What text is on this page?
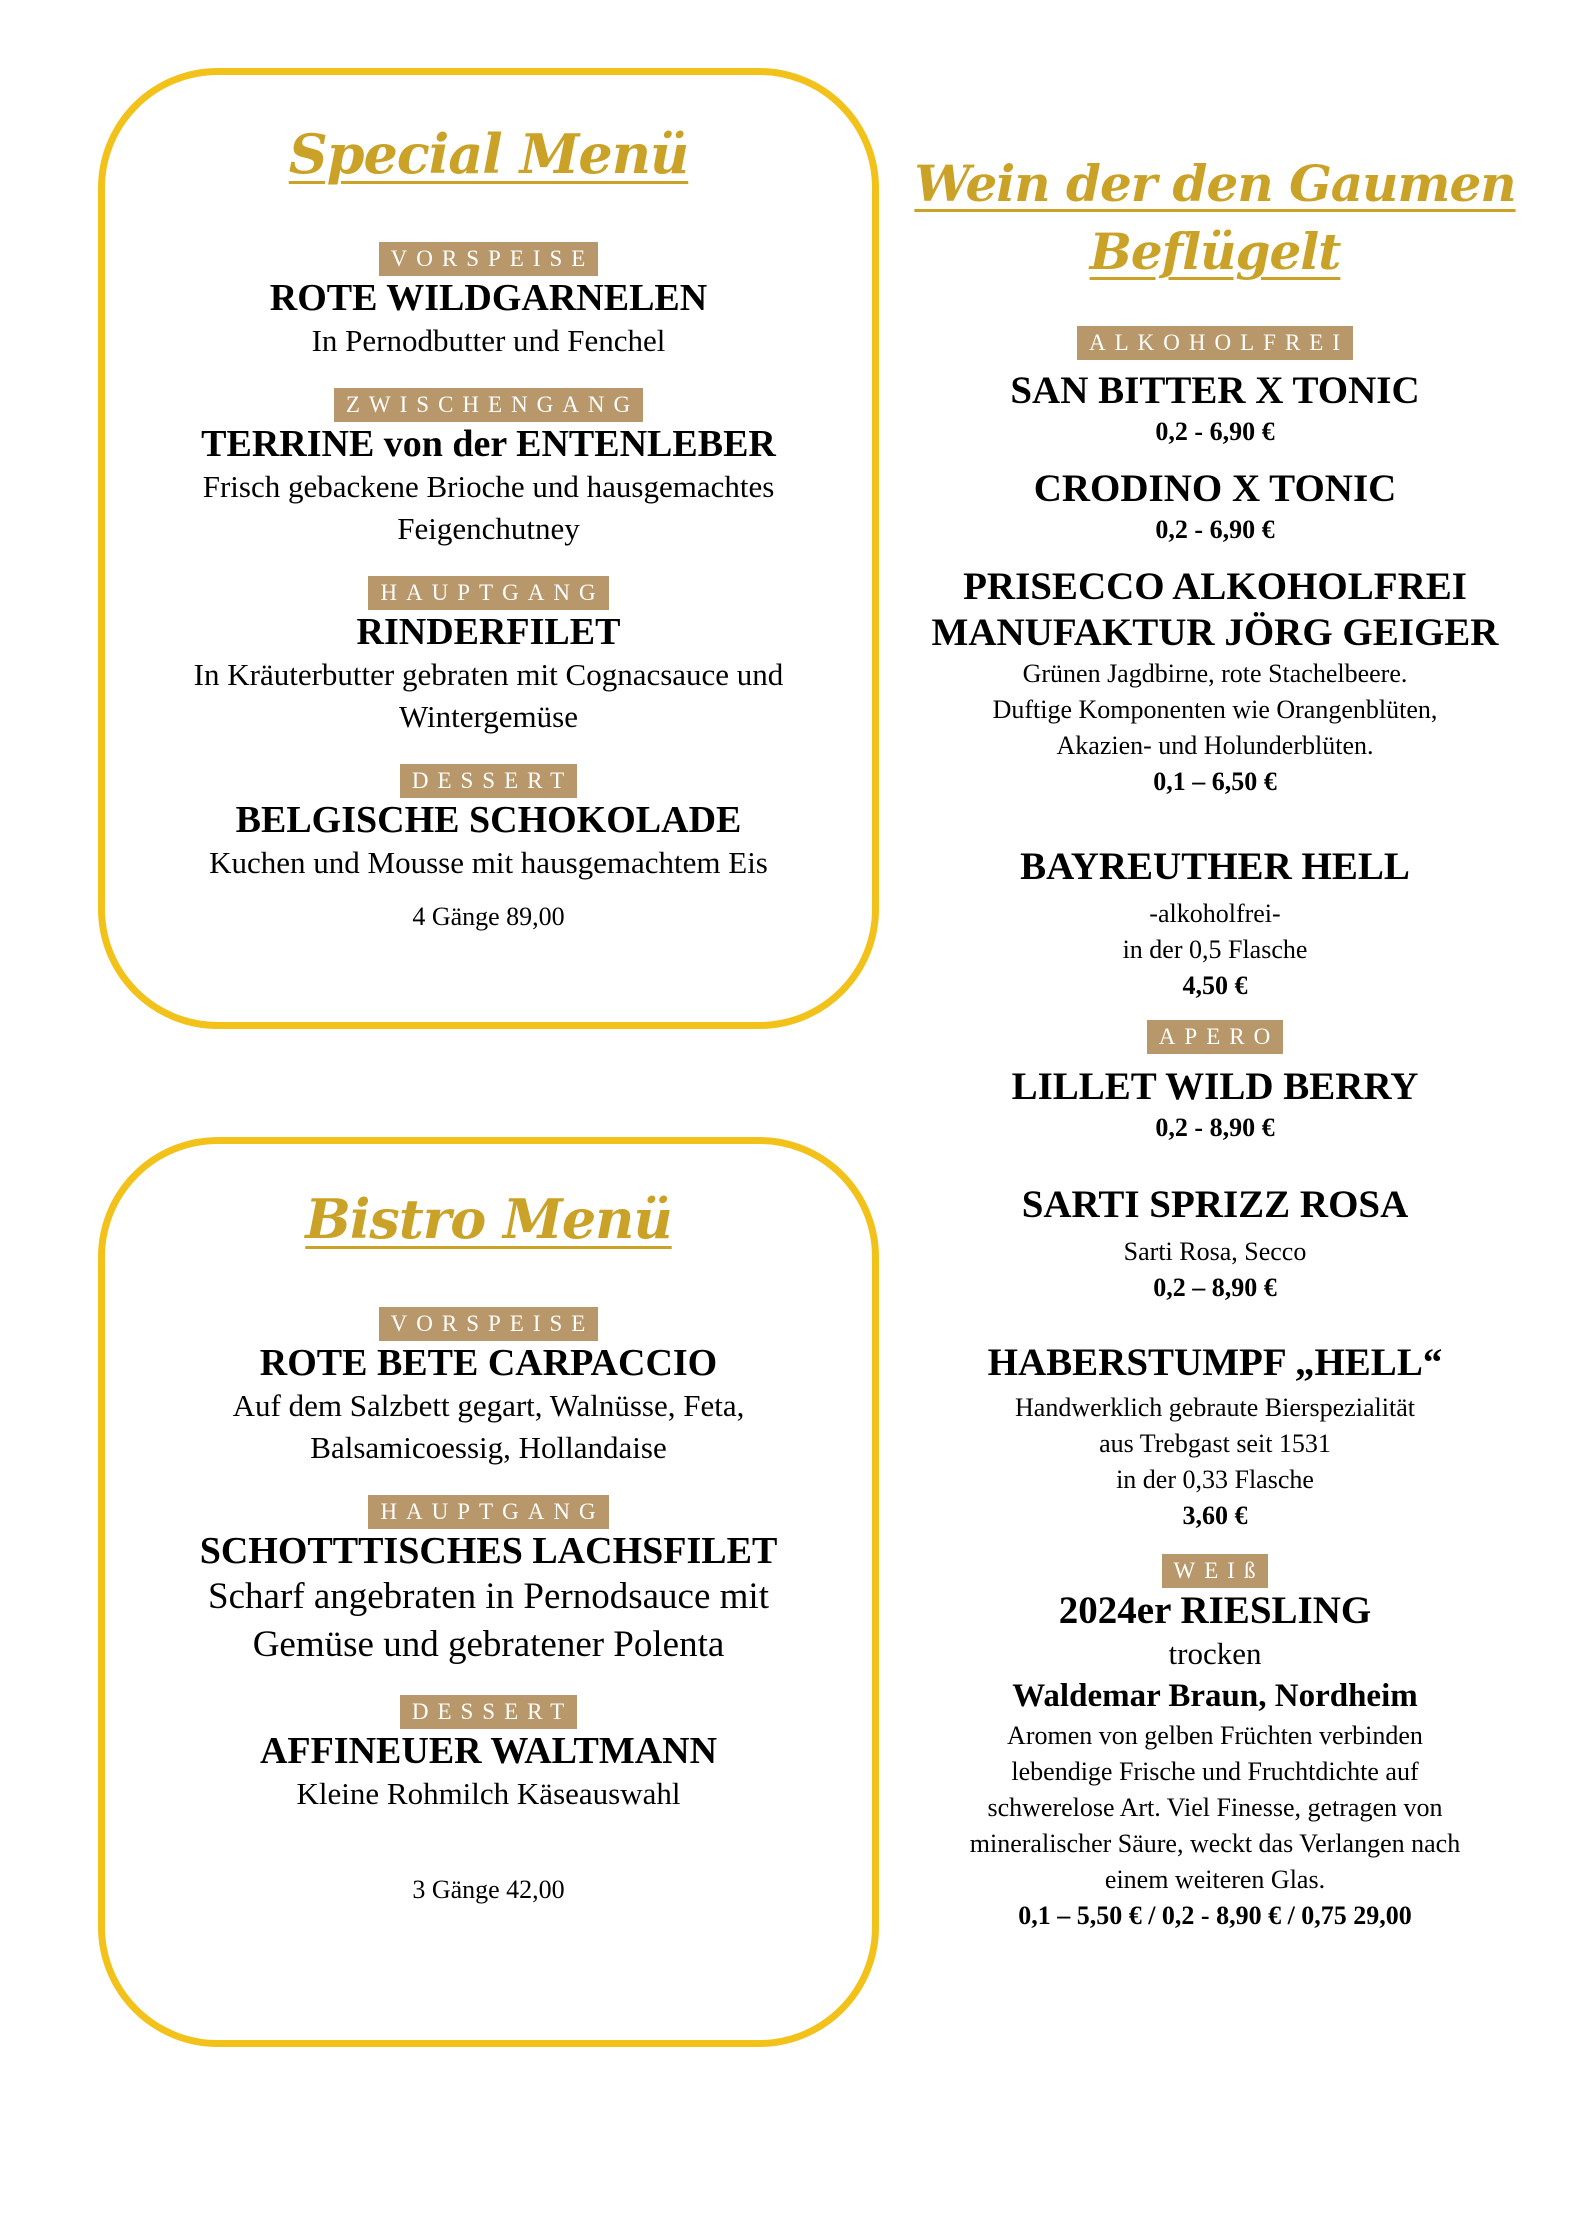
Special Menü
VORSPEISE
ROTE WILDGARNELEN
In Pernodbutter und Fenchel
ZWISCHENGANG
TERRINE von der ENTENLEBER
Frisch gebackene Brioche und hausgemachtes
Feigenchutney
HAUPTGANG
RINDERFILET
In Kräuterbutter gebraten mit Cognacsauce und
Wintergemüse
DESSERT
BELGISCHE SCHOKOLADE
Kuchen und Mousse mit hausgemachtem Eis
4 Gänge 89,00
Bistro Menü
VORSPEISE
ROTE BETE CARPACCIO
Auf dem Salzbett gegart, Walnüsse, Feta,
Balsamicoessig, Hollandaise
HAUPTGANG
SCHOTTTISCHES LACHSFILET
Scharf angebraten in Pernodsauce mit
Gemüse und gebratener Polenta
DESSERT
AFFINEUER WALTMANN
Kleine Rohmilch Käseauswahl
3 Gänge 42,00
Wein der den Gaumen
Beflügelt
ALKOHOLFREI
SAN BITTER X TONIC
0,2 - 6,90 €
CRODINO X TONIC
0,2 - 6,90 €
PRISECCO ALKOHOLFREI
MANUFAKTUR JÖRG GEIGER
Grünen Jagdbirne, rote Stachelbeere.
Duftige Komponenten wie Orangenblüten,
Akazien- und Holunderblüten.
0,1 – 6,50 €
BAYREUTHER HELL
-alkoholfrei-
in der 0,5 Flasche
4,50 €
APERO
LILLET WILD BERRY
0,2 - 8,90 €
SARTI SPRIZZ ROSA
Sarti Rosa, Secco
0,2 – 8,90 €
HABERSTUMPF „HELL“
Handwerklich gebraute Bierspezialität
aus Trebgast seit 1531
in der 0,33 Flasche
3,60 €
WEIß
2024er RIESLING
trocken
Waldemar Braun, Nordheim
Aromen von gelben Früchten verbinden
lebendige Frische und Fruchtdichte auf
schwerelose Art. Viel Finesse, getragen von
mineralischer Säure, weckt das Verlangen nach
einem weiteren Glas.
0,1 – 5,50 € / 0,2 - 8,90 € / 0,75 29,00
